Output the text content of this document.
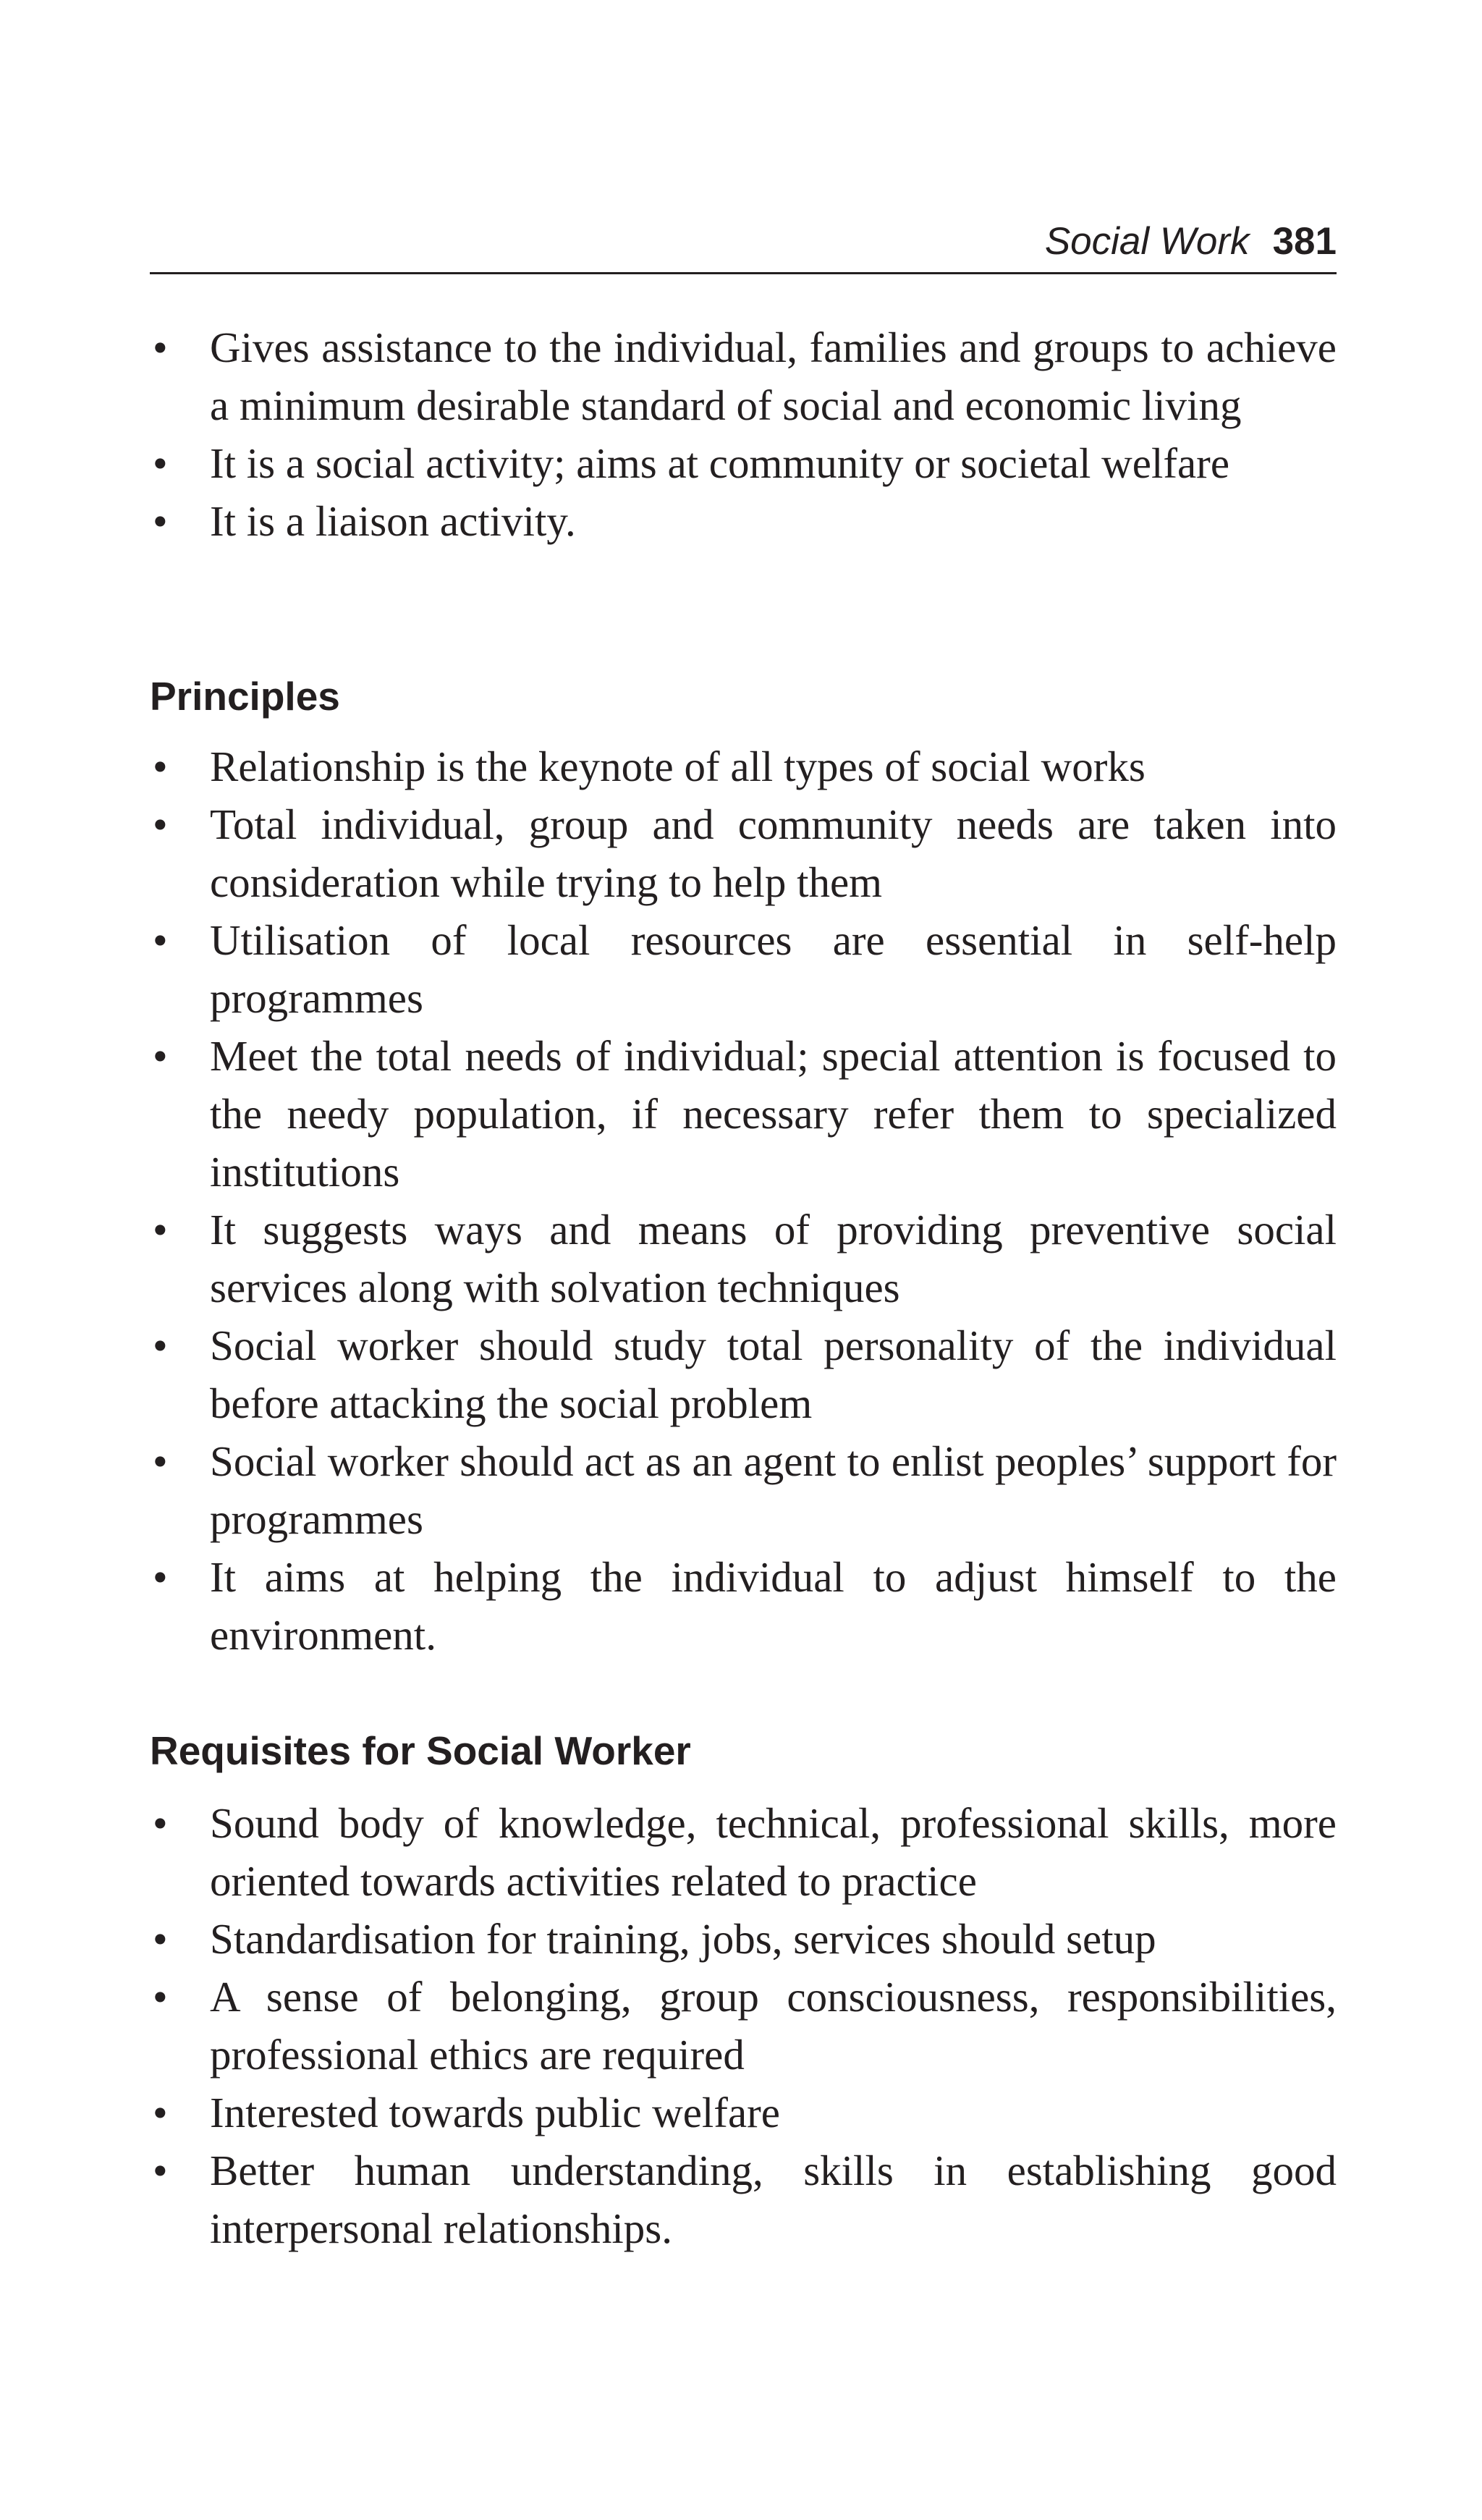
Social Work 381
• Gives assistance to the individual, families and groups to achieve a minimum desirable standard of social and economic living
• It is a social activity; aims at community or societal welfare
• It is a liaison activity.
Principles
• Relationship is the keynote of all types of social works
• Total individual, group and community needs are taken into consideration while trying to help them
• Utilisation of local resources are essential in self-help programmes
• Meet the total needs of individual; special attention is focused to the needy population, if necessary refer them to specialized institutions
• It suggests ways and means of providing preventive social services along with solvation techniques
• Social worker should study total personality of the individual before attacking the social problem
• Social worker should act as an agent to enlist peoples’ support for programmes
• It aims at helping the individual to adjust himself to the environment.
Requisites for Social Worker
• Sound body of knowledge, technical, professional skills, more oriented towards activities related to practice
• Standardisation for training, jobs, services should setup
• A sense of belonging, group consciousness, responsibilities, professional ethics are required
• Interested towards public welfare
• Better human understanding, skills in establishing good interpersonal relationships.
